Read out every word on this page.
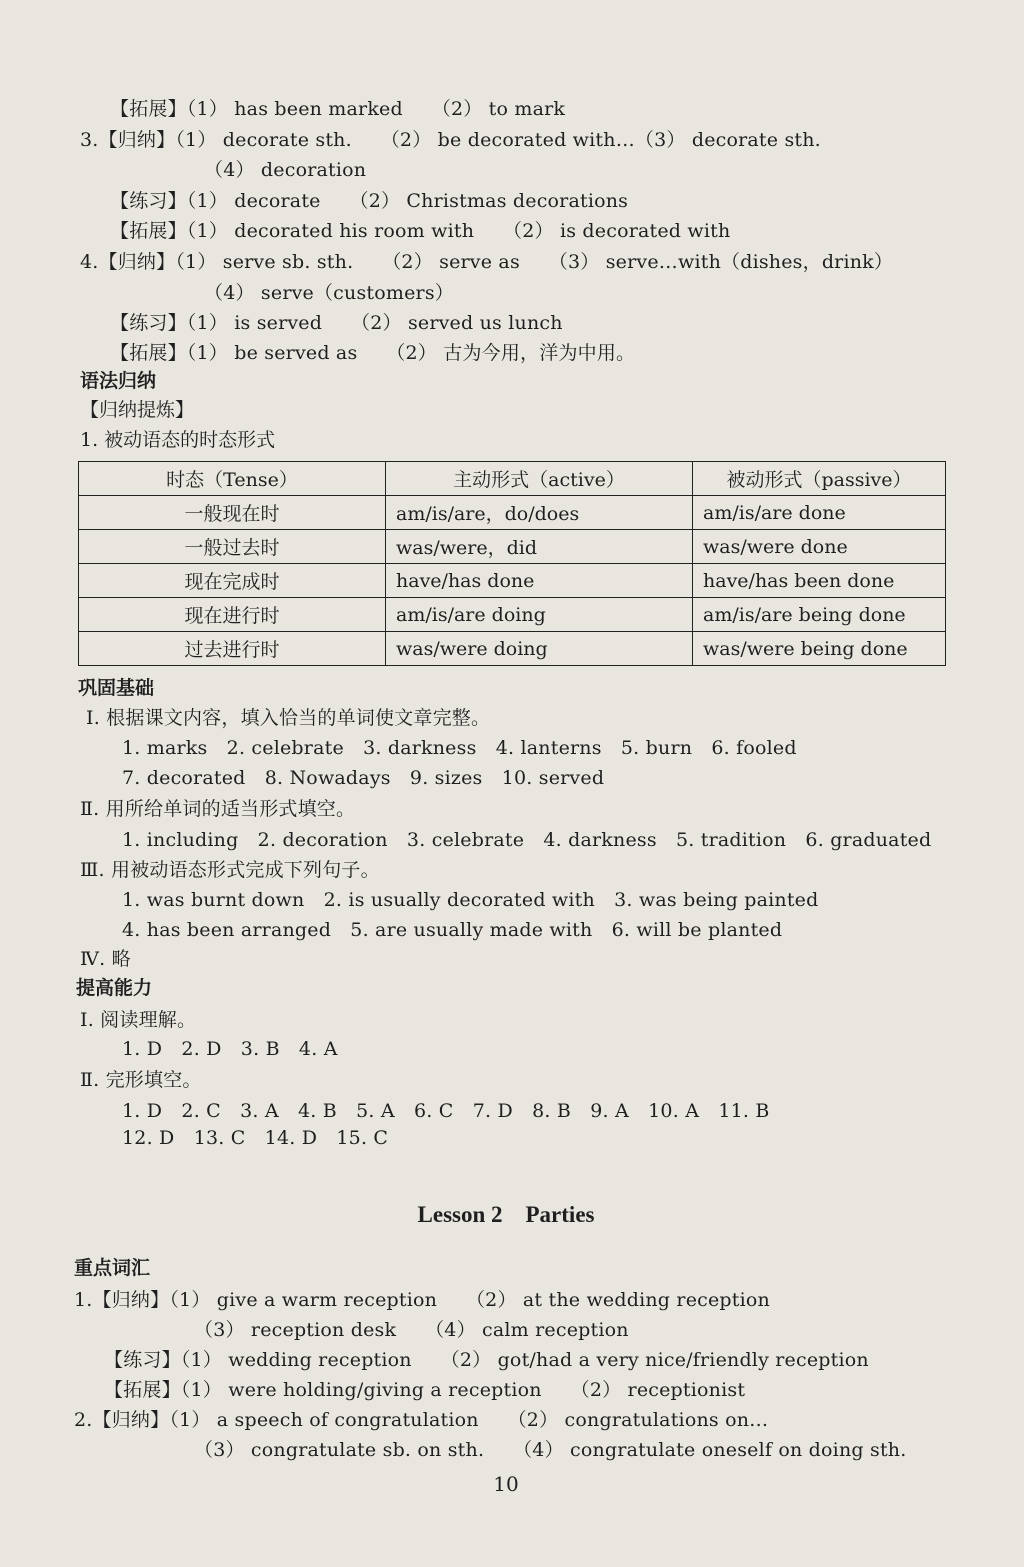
【拓展】（1） has been marked　　（2） to mark
3.【归纳】（1） decorate sth.　　（2） be decorated with…（3） decorate sth.
（4） decoration
【练习】（1） decorate　　（2） Christmas decorations
【拓展】（1） decorated his room with　　（2） is decorated with
4.【归纳】（1） serve sb. sth.　　（2） serve as　　（3） serve…with（dishes，drink）
（4） serve（customers）
【练习】（1） is served　　（2） served us lunch
【拓展】（1） be served as　　（2） 古为今用，洋为中用。
语法归纳
【归纳提炼】
1. 被动语态的时态形式
时态（Tense）	主动形式（active）	被动形式（passive）
一般现在时	am/is/are，do/does	am/is/are done
一般过去时	was/were，did	was/were done
现在完成时	have/has done	have/has been done
现在进行时	am/is/are doing	am/is/are being done
过去进行时	was/were doing	was/were being done
巩固基础
Ⅰ. 根据课文内容，填入恰当的单词使文章完整。
1. marks　2. celebrate　3. darkness　4. lanterns　5. burn　6. fooled
7. decorated　8. Nowadays　9. sizes　10. served
Ⅱ. 用所给单词的适当形式填空。
1. including　2. decoration　3. celebrate　4. darkness　5. tradition　6. graduated
Ⅲ. 用被动语态形式完成下列句子。
1. was burnt down　2. is usually decorated with　3. was being painted
4. has been arranged　5. are usually made with　6. will be planted
Ⅳ. 略
提高能力
Ⅰ. 阅读理解。
1. D　2. D　3. B　4. A
Ⅱ. 完形填空。
1. D　2. C　3. A　4. B　5. A　6. C　7. D　8. B　9. A　10. A　11. B
12. D　13. C　14. D　15. C
Lesson 2　Parties
重点词汇
1.【归纳】（1） give a warm reception　　（2） at the wedding reception
（3） reception desk　　（4） calm reception
【练习】（1） wedding reception　　（2） got/had a very nice/friendly reception
【拓展】（1） were holding/giving a reception　　（2） receptionist
2.【归纳】（1） a speech of congratulation　　（2） congratulations on…
（3） congratulate sb. on sth.　　（4） congratulate oneself on doing sth.
10
